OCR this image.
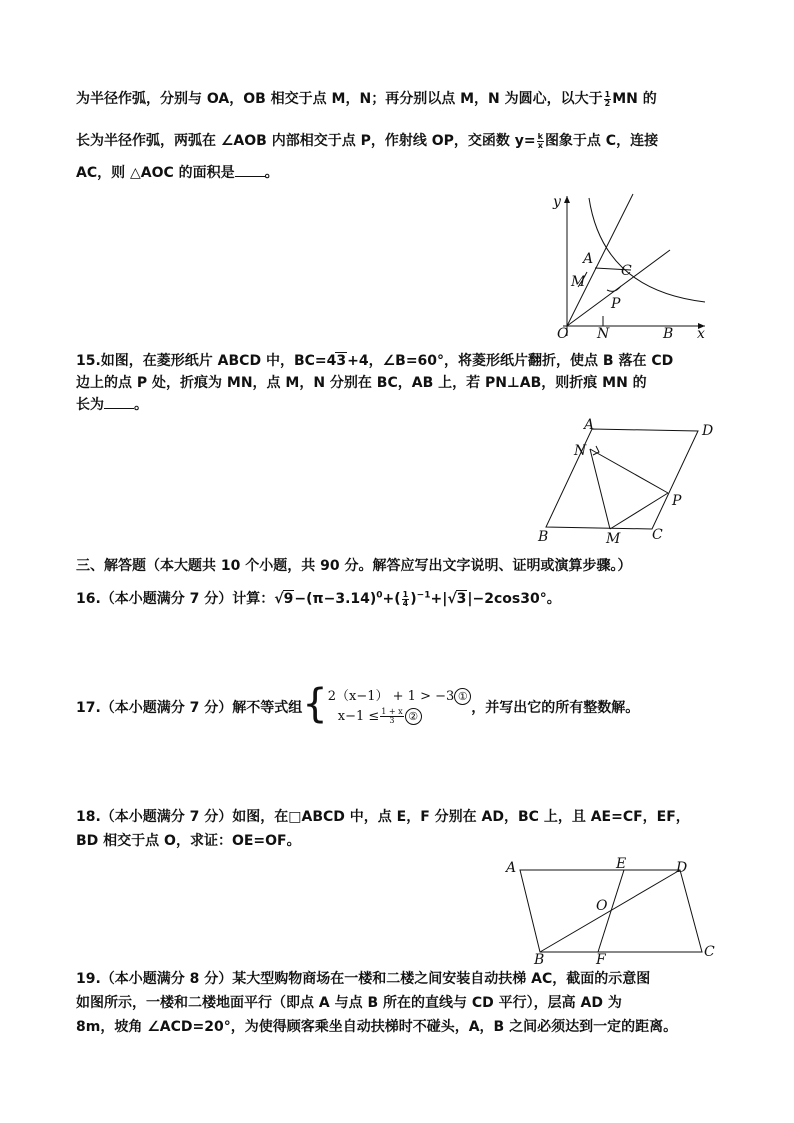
为半径作弧，分别与 OA，OB 相交于点 M，N；再分别以点 M，N 为圆心，以大于 $\frac{1}{2}$ MN 的
长为半径作弧，两弧在 ∠AOB 内部相交于点 P，作射线 OP，交函数 $y= \frac{k}{x}$ 图象于点 C，连接
AC，则 △AOC 的面积是 。
y
x
O N	B
M
A
C
P
15.如图，在菱形纸片 ABCD 中，BC=43+4，∠B=60°，将菱形纸片翻折，使点 B 落在 CD
边上的点 P 处，折痕为 MN，点 M，N 分别在 BC，AB 上，若 PN⊥AB，则折痕 MN 的
长为 。
A	D
N
P
B	M C
三、解答题（本大题共 10 个小题，共 90 分。解答应写出文字说明、证明或演算步骤。）
16.（本小题满分 7 分）计算：$√9-(\pi-3.14)^0+( \frac{1}{4} )^{-1}+|√3|-2\cos 30^\circ$。
17.（本小题满分 7 分）解不等式组{ 2（x−1） + 1 > −3 ①
$x-1 \le \frac{1 + x}{3}$ ②
，并写出它的所有整数解。
18.（本小题满分 7 分）如图，在□ABCD 中，点 E，F 分别在 AD，BC 上，且 AE=CF，EF，
BD 相交于点 O，求证：OE=OF。
A	E	D
O
B	F	C
19.（本小题满分 8 分）某大型购物商场在一楼和二楼之间安装自动扶梯 AC，截面的示意图
如图所示，一楼和二楼地面平行（即点 A 与点 B 所在的直线与 CD 平行），层高 AD 为
8m，坡角 ∠ACD=20°，为使得顾客乘坐自动扶梯时不碰头，A，B 之间必须达到一定的距离。
